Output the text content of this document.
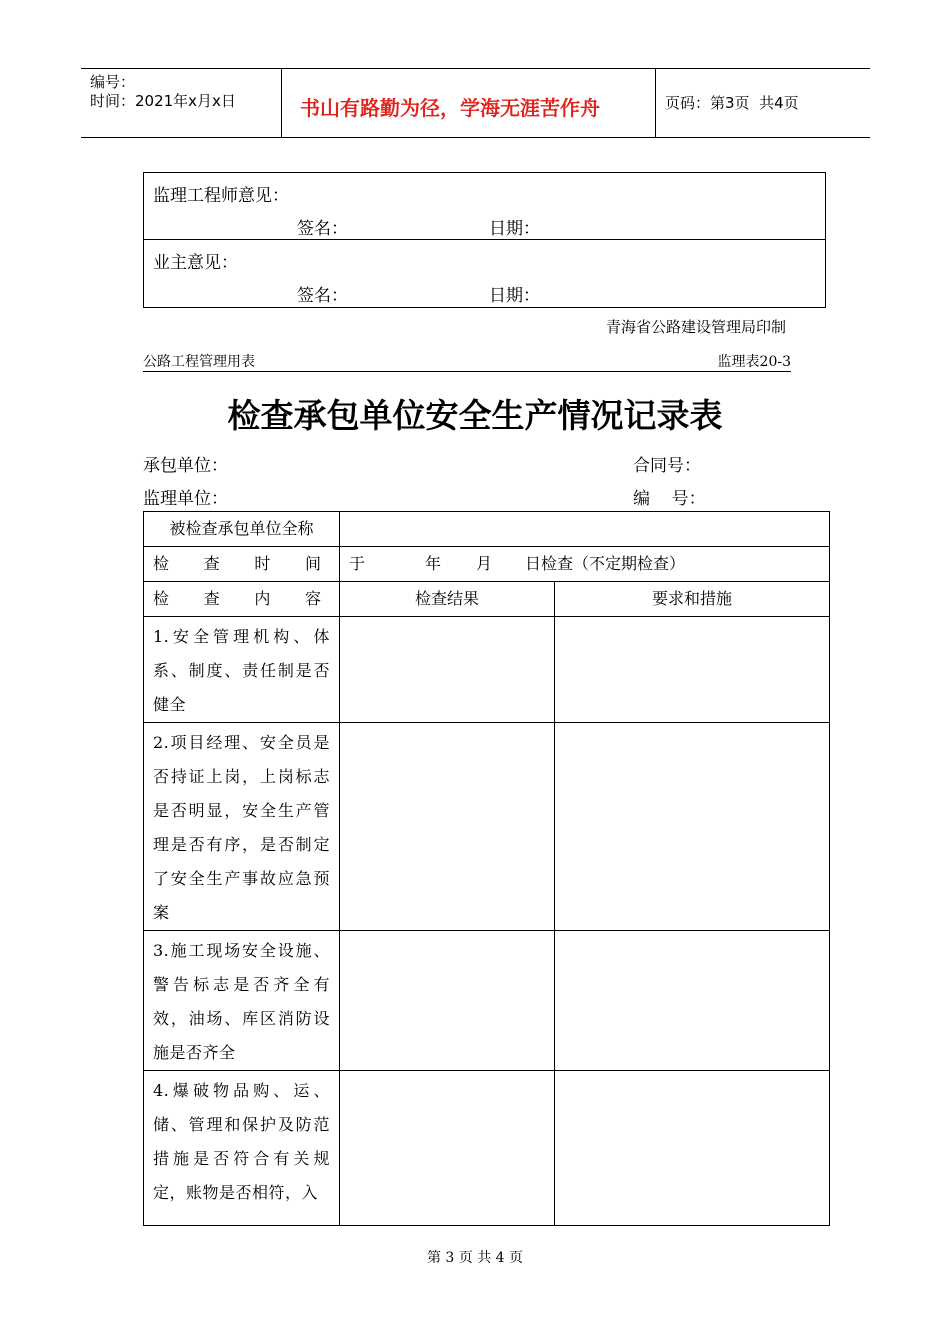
编号：
时间：2021年x月x日	书山有路勤为径，学海无涯苦作舟	页码：第3页  共4页
监理工程师意见：
签名：	日期：
业主意见：
签名：	日期：
青海省公路建设管理局印制
公路工程管理用表	监理表20-3
检查承包单位安全生产情况记录表
承包单位：	合同号：
监理单位：	编    号：
被检查承包单位全称		

检 查 时 间	于 年 月 日检查（不定期检查）	

检 查 内 容	检查结果	要求和措施
1.安全管理机构、体系、制度、责任制是否健全		
2.项目经理、安全员是否持证上岗，上岗标志是否明显，安全生产管理是否有序，是否制定了安全生产事故应急预案		
3.施工现场安全设施、警告标志是否齐全有效，油场、库区消防设施是否齐全		
4.爆破物品购、运、储、管理和保护及防范措施是否符合有关规定，账物是否相符，入		
第 3 页 共 4 页
